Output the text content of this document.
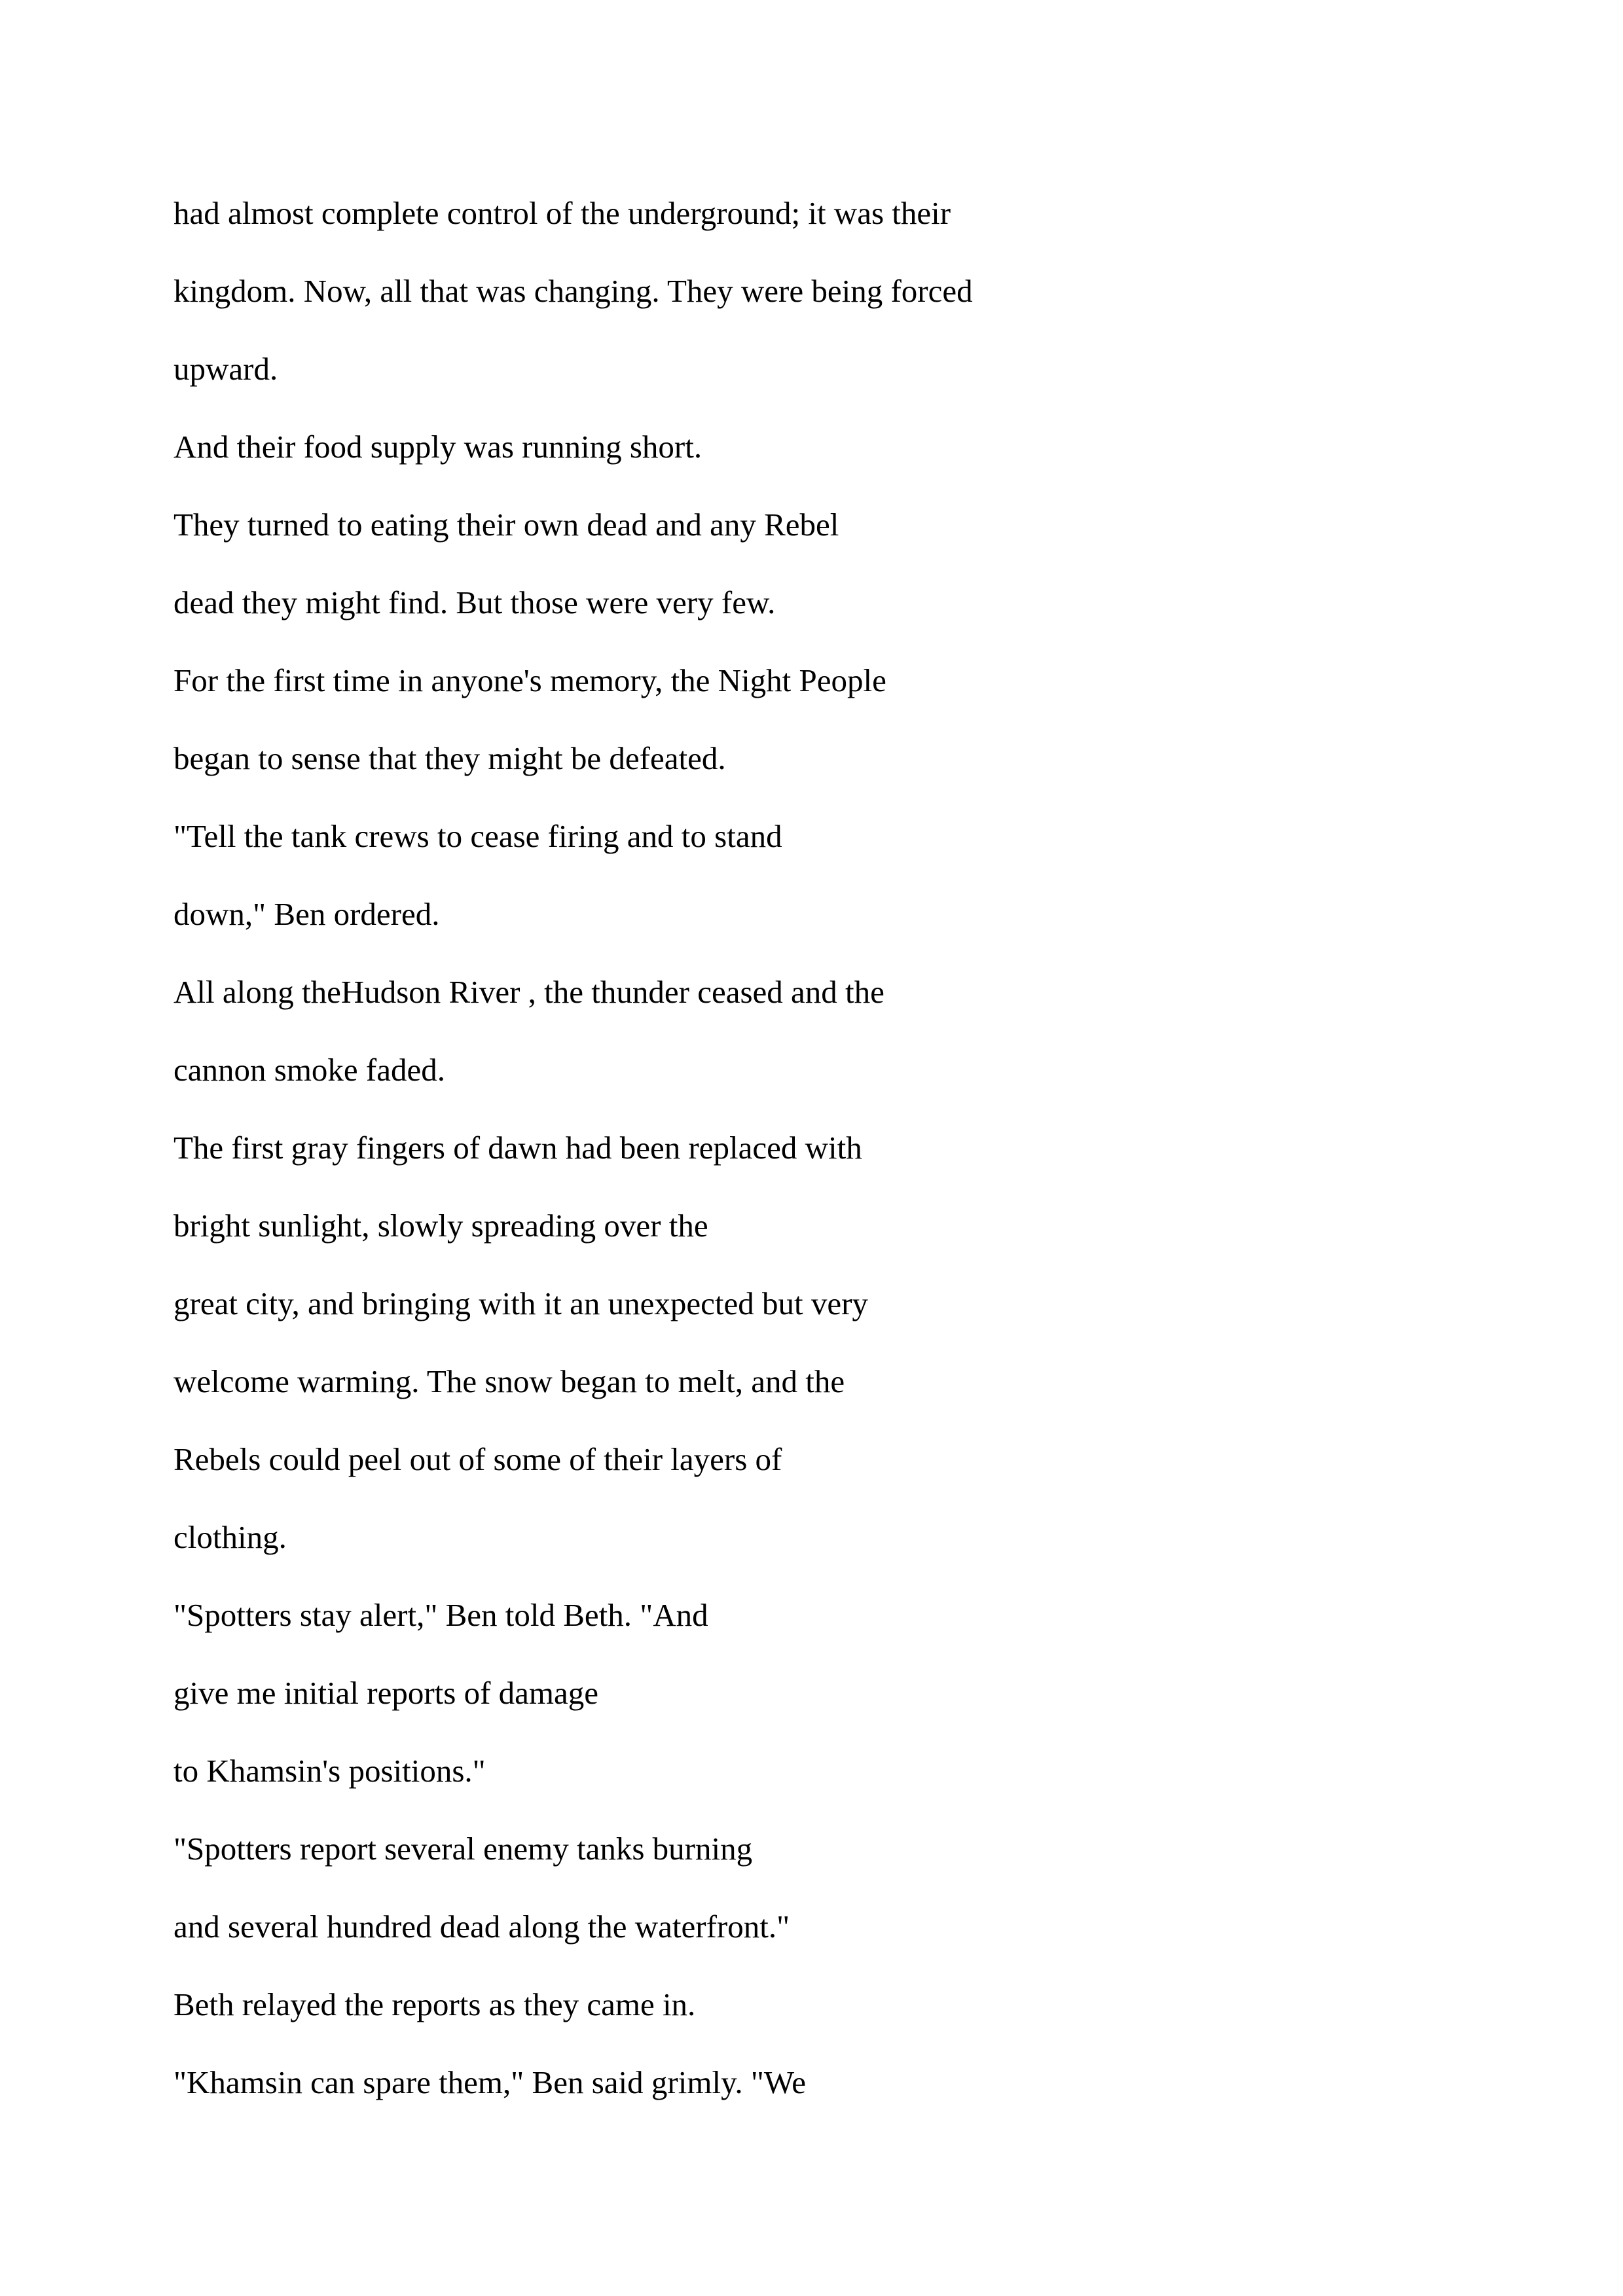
had almost complete control of the underground; it was their

kingdom. Now, all that was changing. They were being forced

upward.

And their food supply was running short.

They turned to eating their own dead and any Rebel

dead they might find. But those were very few.

For the first time in anyone's memory, the Night People

began to sense that they might be defeated.

"Tell the tank crews to cease firing and to stand

down," Ben ordered.

All along theHudson River , the thunder ceased and the

cannon smoke faded.

The first gray fingers of dawn had been replaced with

bright sunlight, slowly spreading over the

great city, and bringing with it an unexpected but very

welcome warming. The snow began to melt, and the

Rebels could peel out of some of their layers of

clothing.

"Spotters stay alert," Ben told Beth. "And

give me initial reports of damage

to Khamsin's positions."

"Spotters report several enemy tanks burning

and several hundred dead along the waterfront."

Beth relayed the reports as they came in.

"Khamsin can spare them," Ben said grimly. "We
